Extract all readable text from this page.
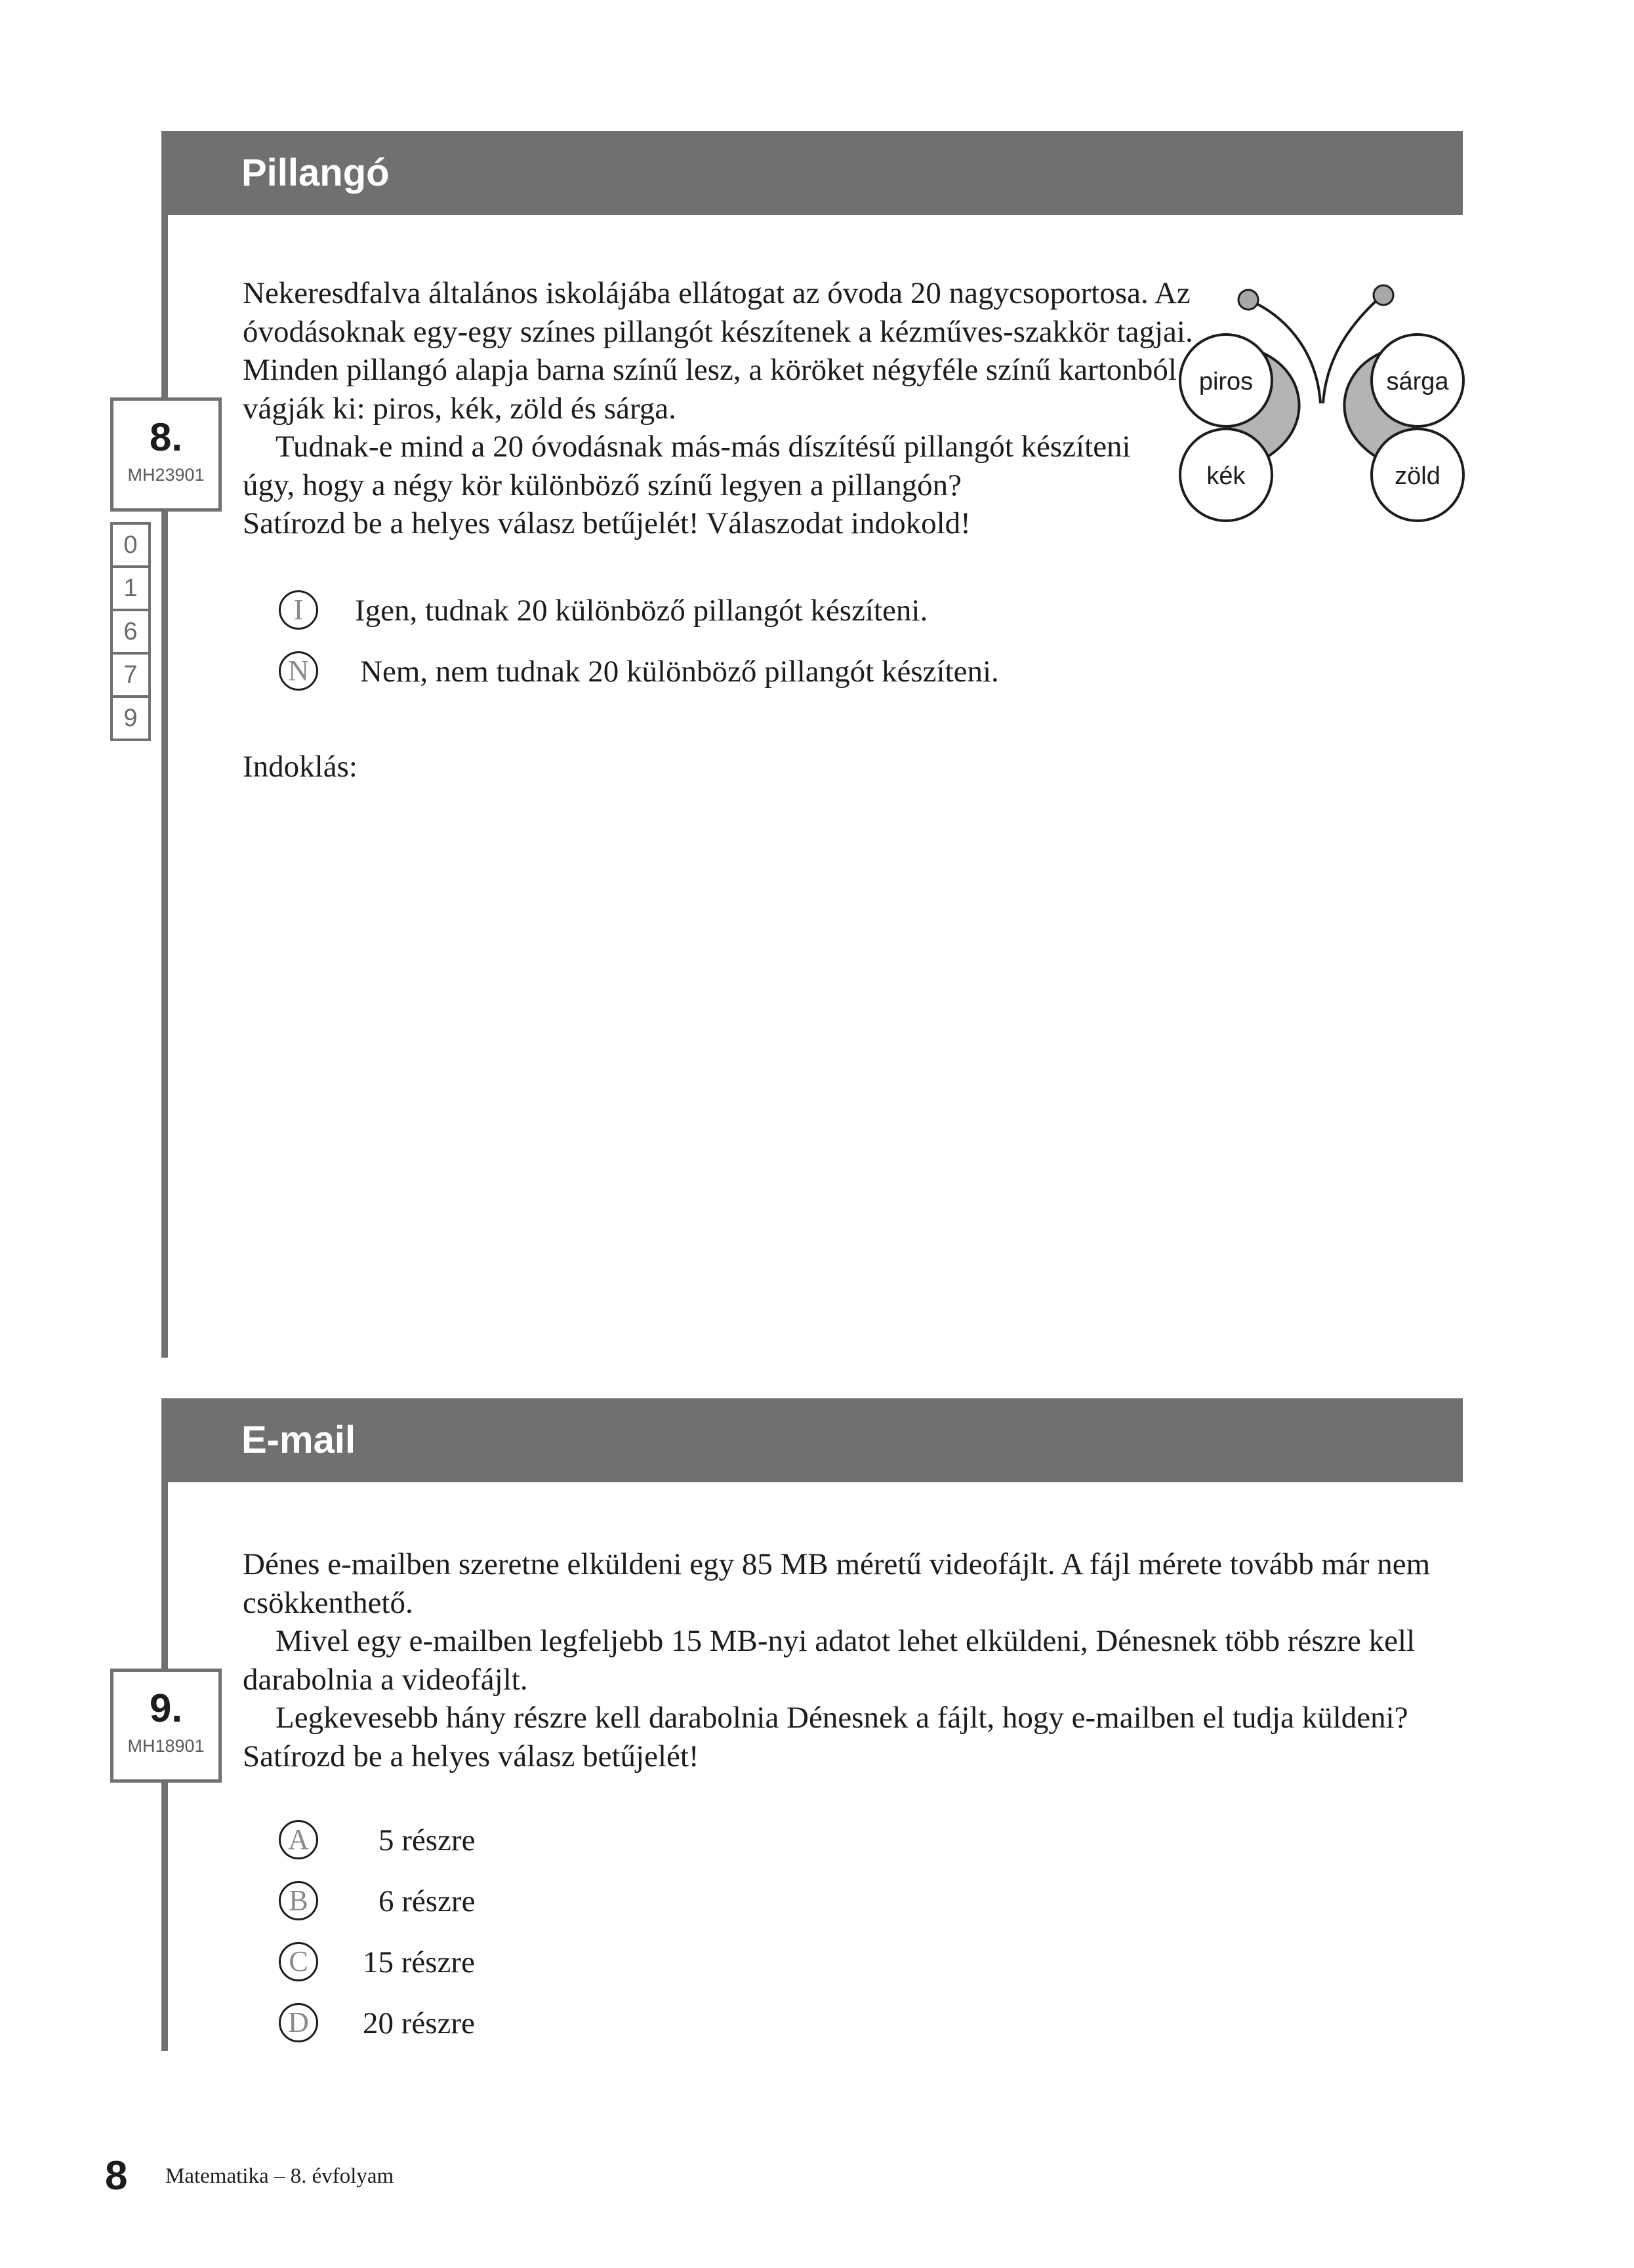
Pillangó
8.
MH23901
0
1
6
7
9

Nekeresdfalva általános iskolájába ellátogat az óvoda 20 nagycsoportosa. Az óvodásoknak egy-egy színes pillangót készítenek a kézműves-szakkör tagjai. Minden pillangó alapja barna színű lesz, a köröket négyféle színű kartonból vágják ki: piros, kék, zöld és sárga.

Tudnak-e mind a 20 óvodásnak más-más díszítésű pillangót készíteni úgy, hogy a négy kör különböző színű legyen a pillangón?

Satírozd be a helyes válasz betűjelét! Válaszodat indokold!

piros	sárga
kék	zöld
I	Igen, tudnak 20 különböző pillangót készíteni.
N	Nem, nem tudnak 20 különböző pillangót készíteni.
Indoklás:
E-mail
9.
MH18901

Dénes e-mailben szeretne elküldeni egy 85 MB méretű videofájlt. A fájl mérete tovább már nem csökkenthető.

Mivel egy e-mailben legfeljebb 15 MB-nyi adatot lehet elküldeni, Dénesnek több részre kell darabolnia a videofájlt.

Legkevesebb hány részre kell darabolnia Dénesnek a fájlt, hogy e-mailben el tudja küldeni?

Satírozd be a helyes válasz betűjelét!

A	5 részre
B	6 részre
C	15 részre
D	20 részre
8 Matematika – 8. évfolyam
